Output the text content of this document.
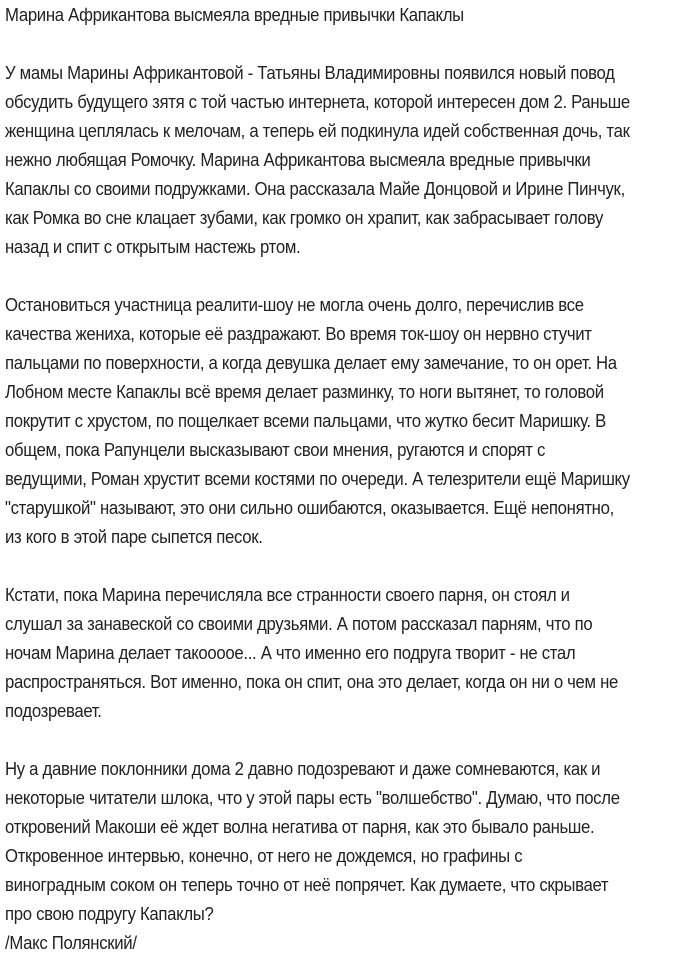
Марина Африкантова высмеяла вредные привычки Капаклы

У мамы Марины Африкантовой - Татьяны Владимировны появился новый повод
обсудить будущего зятя с той частью интернета, которой интересен дом 2. Раньше
женщина цеплялась к мелочам, а теперь ей подкинула идей собственная дочь, так
нежно любящая Ромочку. Марина Африкантова высмеяла вредные привычки
Капаклы со своими подружками. Она рассказала Майе Донцовой и Ирине Пинчук,
как Ромка во сне клацает зубами, как громко он храпит, как забрасывает голову
назад и спит с открытым настежь ртом.

Остановиться участница реалити-шоу не могла очень долго, перечислив все
качества жениха, которые её раздражают. Во время ток-шоу он нервно стучит
пальцами по поверхности, а когда девушка делает ему замечание, то он орет. На
Лобном месте Капаклы всё время делает разминку, то ноги вытянет, то головой
покрутит с хрустом, по пощелкает всеми пальцами, что жутко бесит Маришку. В
общем, пока Рапунцели высказывают свои мнения, ругаются и спорят с
ведущими, Роман хрустит всеми костями по очереди. А телезрители ещё Маришку
"старушкой" называют, это они сильно ошибаются, оказывается. Ещё непонятно,
из кого в этой паре сыпется песок.

Кстати, пока Марина перечисляла все странности своего парня, он стоял и
слушал за занавеской со своими друзьями. А потом рассказал парням, что по
ночам Марина делает такоооое... А что именно его подруга творит - не стал
распространяться. Вот именно, пока он спит, она это делает, когда он ни о чем не
подозревает.

Ну а давние поклонники дома 2 давно подозревают и даже сомневаются, как и
некоторые читатели шлока, что у этой пары есть "волшебство". Думаю, что после
откровений Макоши её ждет волна негатива от парня, как это бывало раньше.
Откровенное интервью, конечно, от него не дождемся, но графины с
виноградным соком он теперь точно от неё попрячет. Как думаете, что скрывает
про свою подругу Капаклы?
/Макс Полянский/
